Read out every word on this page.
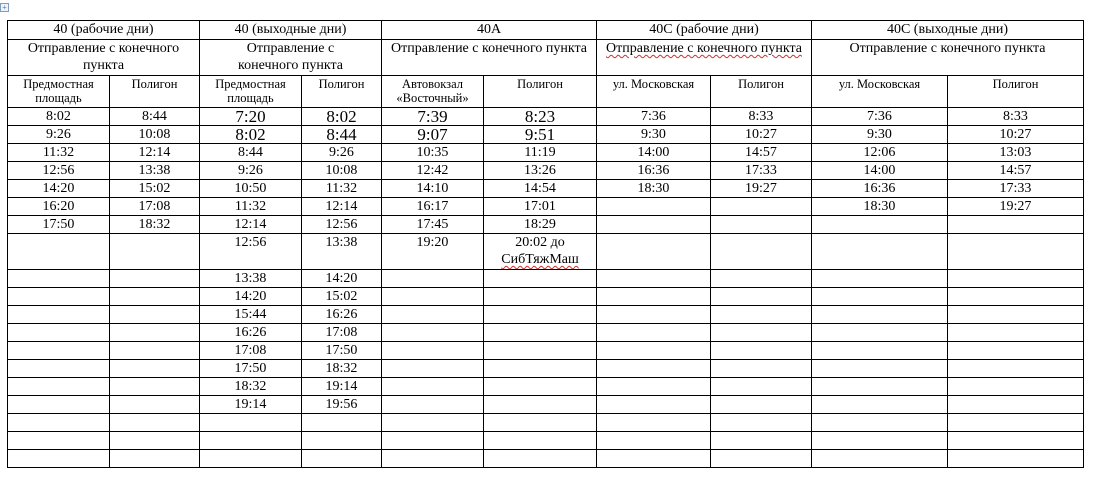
+
40 (рабочие дни)		40 (выходные дни)		40А		40С (рабочие дни)		40С (выходные дни)	
Отправление с конечного пункта		Отправление с конечного пункта		Отправление с конечного пункта		Отправление с конечного пункта		Отправление с конечного пункта	
Предмостная площадь	Полигон	Предмостная площадь	Полигон	Автовокзал «Восточный»	Полигон	ул. Московская	Полигон	ул. Московская	Полигон
8:02	8:44	7:20	8:02	7:39	8:23	7:36	8:33	7:36	8:33
9:26	10:08	8:02	8:44	9:07	9:51	9:30	10:27	9:30	10:27
11:32	12:14	8:44	9:26	10:35	11:19	14:00	14:57	12:06	13:03
12:56	13:38	9:26	10:08	12:42	13:26	16:36	17:33	14:00	14:57
14:20	15:02	10:50	11:32	14:10	14:54	18:30	19:27	16:36	17:33
16:20	17:08	11:32	12:14	16:17	17:01			18:30	19:27
17:50	18:32	12:14	12:56	17:45	18:29				
		12:56	13:38	19:20	20:02 до СибТяжМаш				
		13:38	14:20						
		14:20	15:02						
		15:44	16:26						
		16:26	17:08						
		17:08	17:50						
		17:50	18:32						
		18:32	19:14						
		19:14	19:56						
